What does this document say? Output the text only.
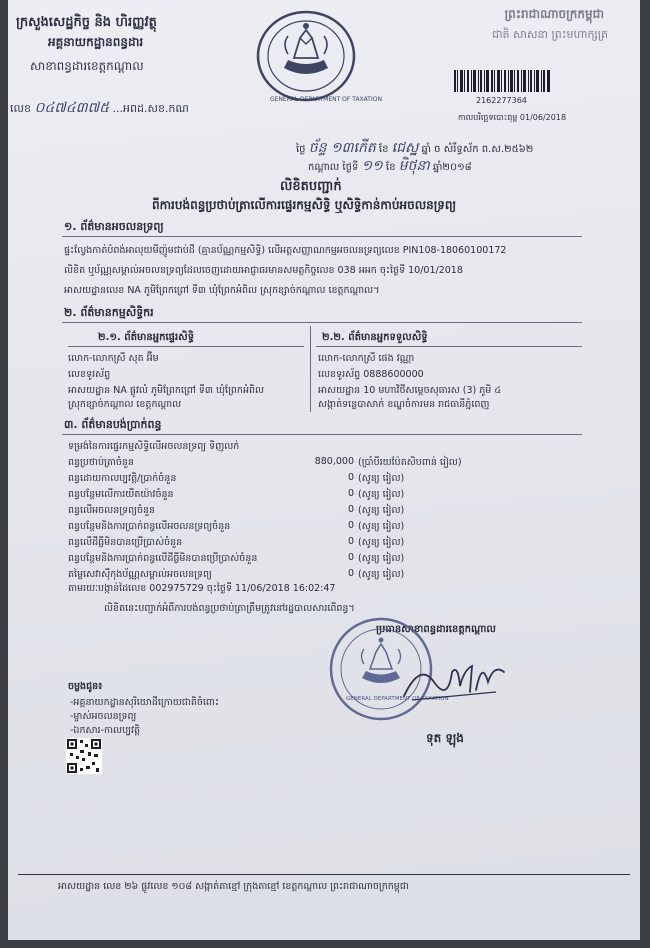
ក្រសួងសេដ្ឋកិច្ច និង ហិរញ្ញវត្ថុ
អគ្គនាយកដ្ឋានពន្ធដារ
សាខាពន្ធដារខេត្តកណ្ដាល
លេខ ០៤៧៤៣៧៥ ...អពដ.សខ.កណ
GENERAL DEPARTMENT OF TAXATION
ព្រះរាជាណាចក្រកម្ពុជា
ជាតិ សាសនា ព្រះមហាក្សត្រ
2162277364
កាលបរិច្ឆេទបោះពុម្ព 01/06/2018
ថ្ងៃ ច័ន្ទ ១៣កើត ខែ ជេស្ឋ ឆ្នាំ ច សំរឹទ្ធស័ក ព.ស.២៥៦២
កណ្ដាល ថ្ងៃទី ១១ ខែ មិថុនា ឆ្នាំ២០១៨
លិខិតបញ្ជាក់
ពីការបង់ពន្ធប្រថាប់ត្រាលើការផ្ទេរកម្មសិទ្ធិ ឬសិទ្ធិកាន់កាប់អចលនទ្រព្យ
១. ព័ត៌មានអចលនទ្រព្យ
ផ្ទះល្វែងកាត់បំពង់អាលុយមីញ៉ូមជាប់ដី (គ្មានប័ណ្ណកម្មសិទ្ធិ) លើអត្តសញ្ញាណកម្មអចលនទ្រព្យលេខ PIN108-18060100172
លិខិត ឬប័ណ្ណសម្គាល់អចលនទ្រព្យដែលចេញដោយអាជ្ញាធរមានសមត្ថកិច្ចលេខ 038 អអក ចុះថ្ងៃទី 10/01/2018
អាសយដ្ឋានលេខ NA ភូមិព្រែកព្រៅ ទី៣ ឃុំព្រែកអំពិល ស្រុកខ្សាច់កណ្ដាល ខេត្តកណ្ដាល។
២. ព័ត៌មានកម្មសិទ្ធិករ
២.១. ព័ត៌មានអ្នកផ្ទេរសិទ្ធិ
លោក-លោកស្រី សុត អ៊ីម
លេខទូរស័ព្ទ
អាសយដ្ឋាន NA ផ្លូវលំ ភូមិព្រែកព្រៅ ទី៣ ឃុំព្រែកអំពិល
ស្រុកខ្សាច់កណ្ដាល ខេត្តកណ្ដាល
២.២. ព័ត៌មានអ្នកទទួលសិទ្ធិ
លោក-លោកស្រី ផេង វណ្ណា
លេខទូរស័ព្ទ 0888600000
អាសយដ្ឋាន 10 មហាវិថីសម្ដេចសុធារស (3) ភូមិ ៤
សង្កាត់ទន្លេបាសាក់ ខណ្ឌចំការមន រាជធានីភ្នំពេញ
៣. ព័ត៌មានបង់ប្រាក់ពន្ធ
ទម្រង់នៃការផ្ទេរកម្មសិទ្ធិលើអចលនទ្រព្យ ទិញលក់
ពន្ធប្រថាប់ត្រាចំនួន	880,000 (ប្រាំបីរយប៉ែតសិបពាន់ រៀល)
ពន្ធដោយកាលប្បវត្តិ/ប្រាក់ចំនួន	0 (សូន្យ រៀល)
ពន្ធបន្ថែមលើការយឺតយ៉ាវចំនួន	0 (សូន្យ រៀល)
ពន្ធលើអចលនទ្រព្យចំនួន	0 (សូន្យ រៀល)
ពន្ធបន្ថែមនិងការប្រាក់ពន្ធលើអចលនទ្រព្យចំនួន	0 (សូន្យ រៀល)
ពន្ធលើដីធ្លីមិនបានប្រើប្រាស់ចំនួន	0 (សូន្យ រៀល)
ពន្ធបន្ថែមនិងការប្រាក់ពន្ធលើដីធ្លីមិនបានប្រើប្រាស់ចំនួន	0 (សូន្យ រៀល)
តម្លៃសេវាស៊ីកុងប័ណ្ណសម្គាល់អចលនទ្រព្យ	0 (សូន្យ រៀល)
តាមរយៈបង្កាន់ដៃលេខ 002975729 ចុះថ្ងៃទី 11/06/2018 16:02:47
លិខិតនេះបញ្ជាក់អំពីការបង់ពន្ធប្រថាប់ត្រាត្រឹមត្រូវនៅរដ្ឋបាលសារពើពន្ធ។
ប្រធានសាខាពន្ធដារខេត្តកណ្ដាល
GENERAL DEPARTMENT OF TAXATION
ទុត ឡុង
ចម្លងជូន៖
-អគ្គនាយកដ្ឋានសុរិយោដីក្រោយជាតិចំពោះ
-ម្ចាស់អចលនទ្រព្យ
-ឯកសារ-កាលប្បវត្តិ
អាសយដ្ឋាន លេខ ២៦ ផ្លូវលេខ ១០៨ សង្កាត់តាខ្មៅ ក្រុងតាខ្មៅ ខេត្តកណ្ដាល ព្រះរាជាណាចក្រកម្ពុជា
